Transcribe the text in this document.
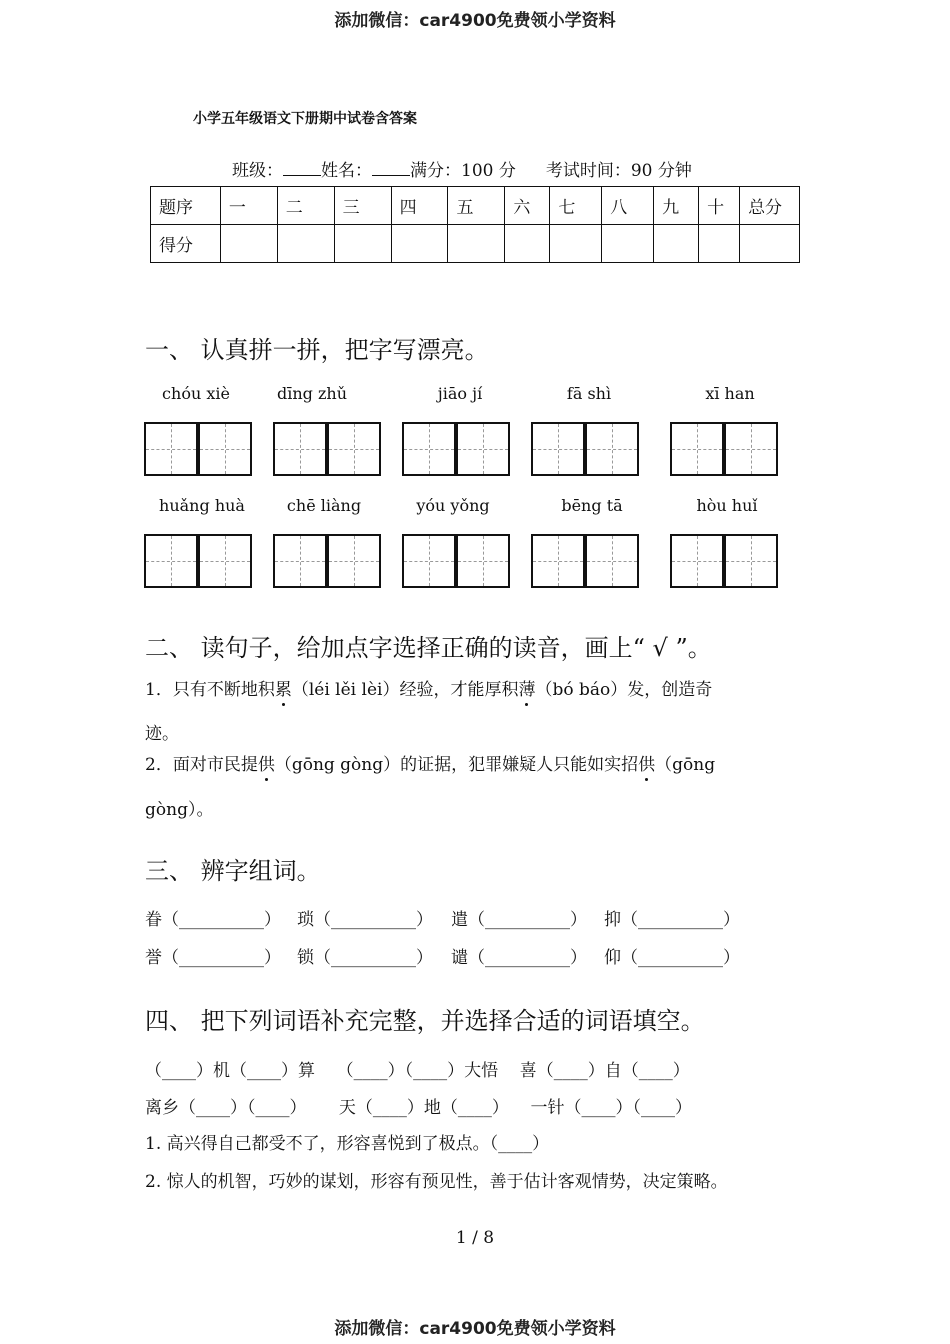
添加微信：car4900免费领小学资料
添加微信：car4900免费领小学资料
小学五年级语文下册期中试卷含答案
班级： 姓名： 满分：100 分 考试时间：90 分钟
题序	一	二	三	四	五	六	七	八	九	十	总分
得分											
一、 认真拼一拼，把字写漂亮。
chóu xiè	dīng zhǔ	jiāo jí	fā shì	xī han
huǎng huà	chē liàng	yóu yǒng	bēng tā	hòu huǐ
二、 读句子，给加点字选择正确的读音，画上“ √ ”。
1．只有不断地积累（léi lěi lèi）经验，才能厚积薄（bó báo）发，创造奇
迹。
2．面对市民提供（gōng gòng）的证据，犯罪嫌疑人只能如实招供（gōng
gòng）。
三、 辨字组词。
眷（__________） 琐（__________） 遣（__________） 抑（__________）
誉（__________） 锁（__________） 谴（__________） 仰（__________）
四、 把下列词语补充完整，并选择合适的词语填空。
（____）机（____）算    （____）（____）大悟    喜（____）自（____）
离乡（____）（____）      天（____）地（____）    一针（____）（____）
1. 高兴得自己都受不了，形容喜悦到了极点。（____）
2. 惊人的机智，巧妙的谋划，形容有预见性，善于估计客观情势，决定策略。
1 / 8
